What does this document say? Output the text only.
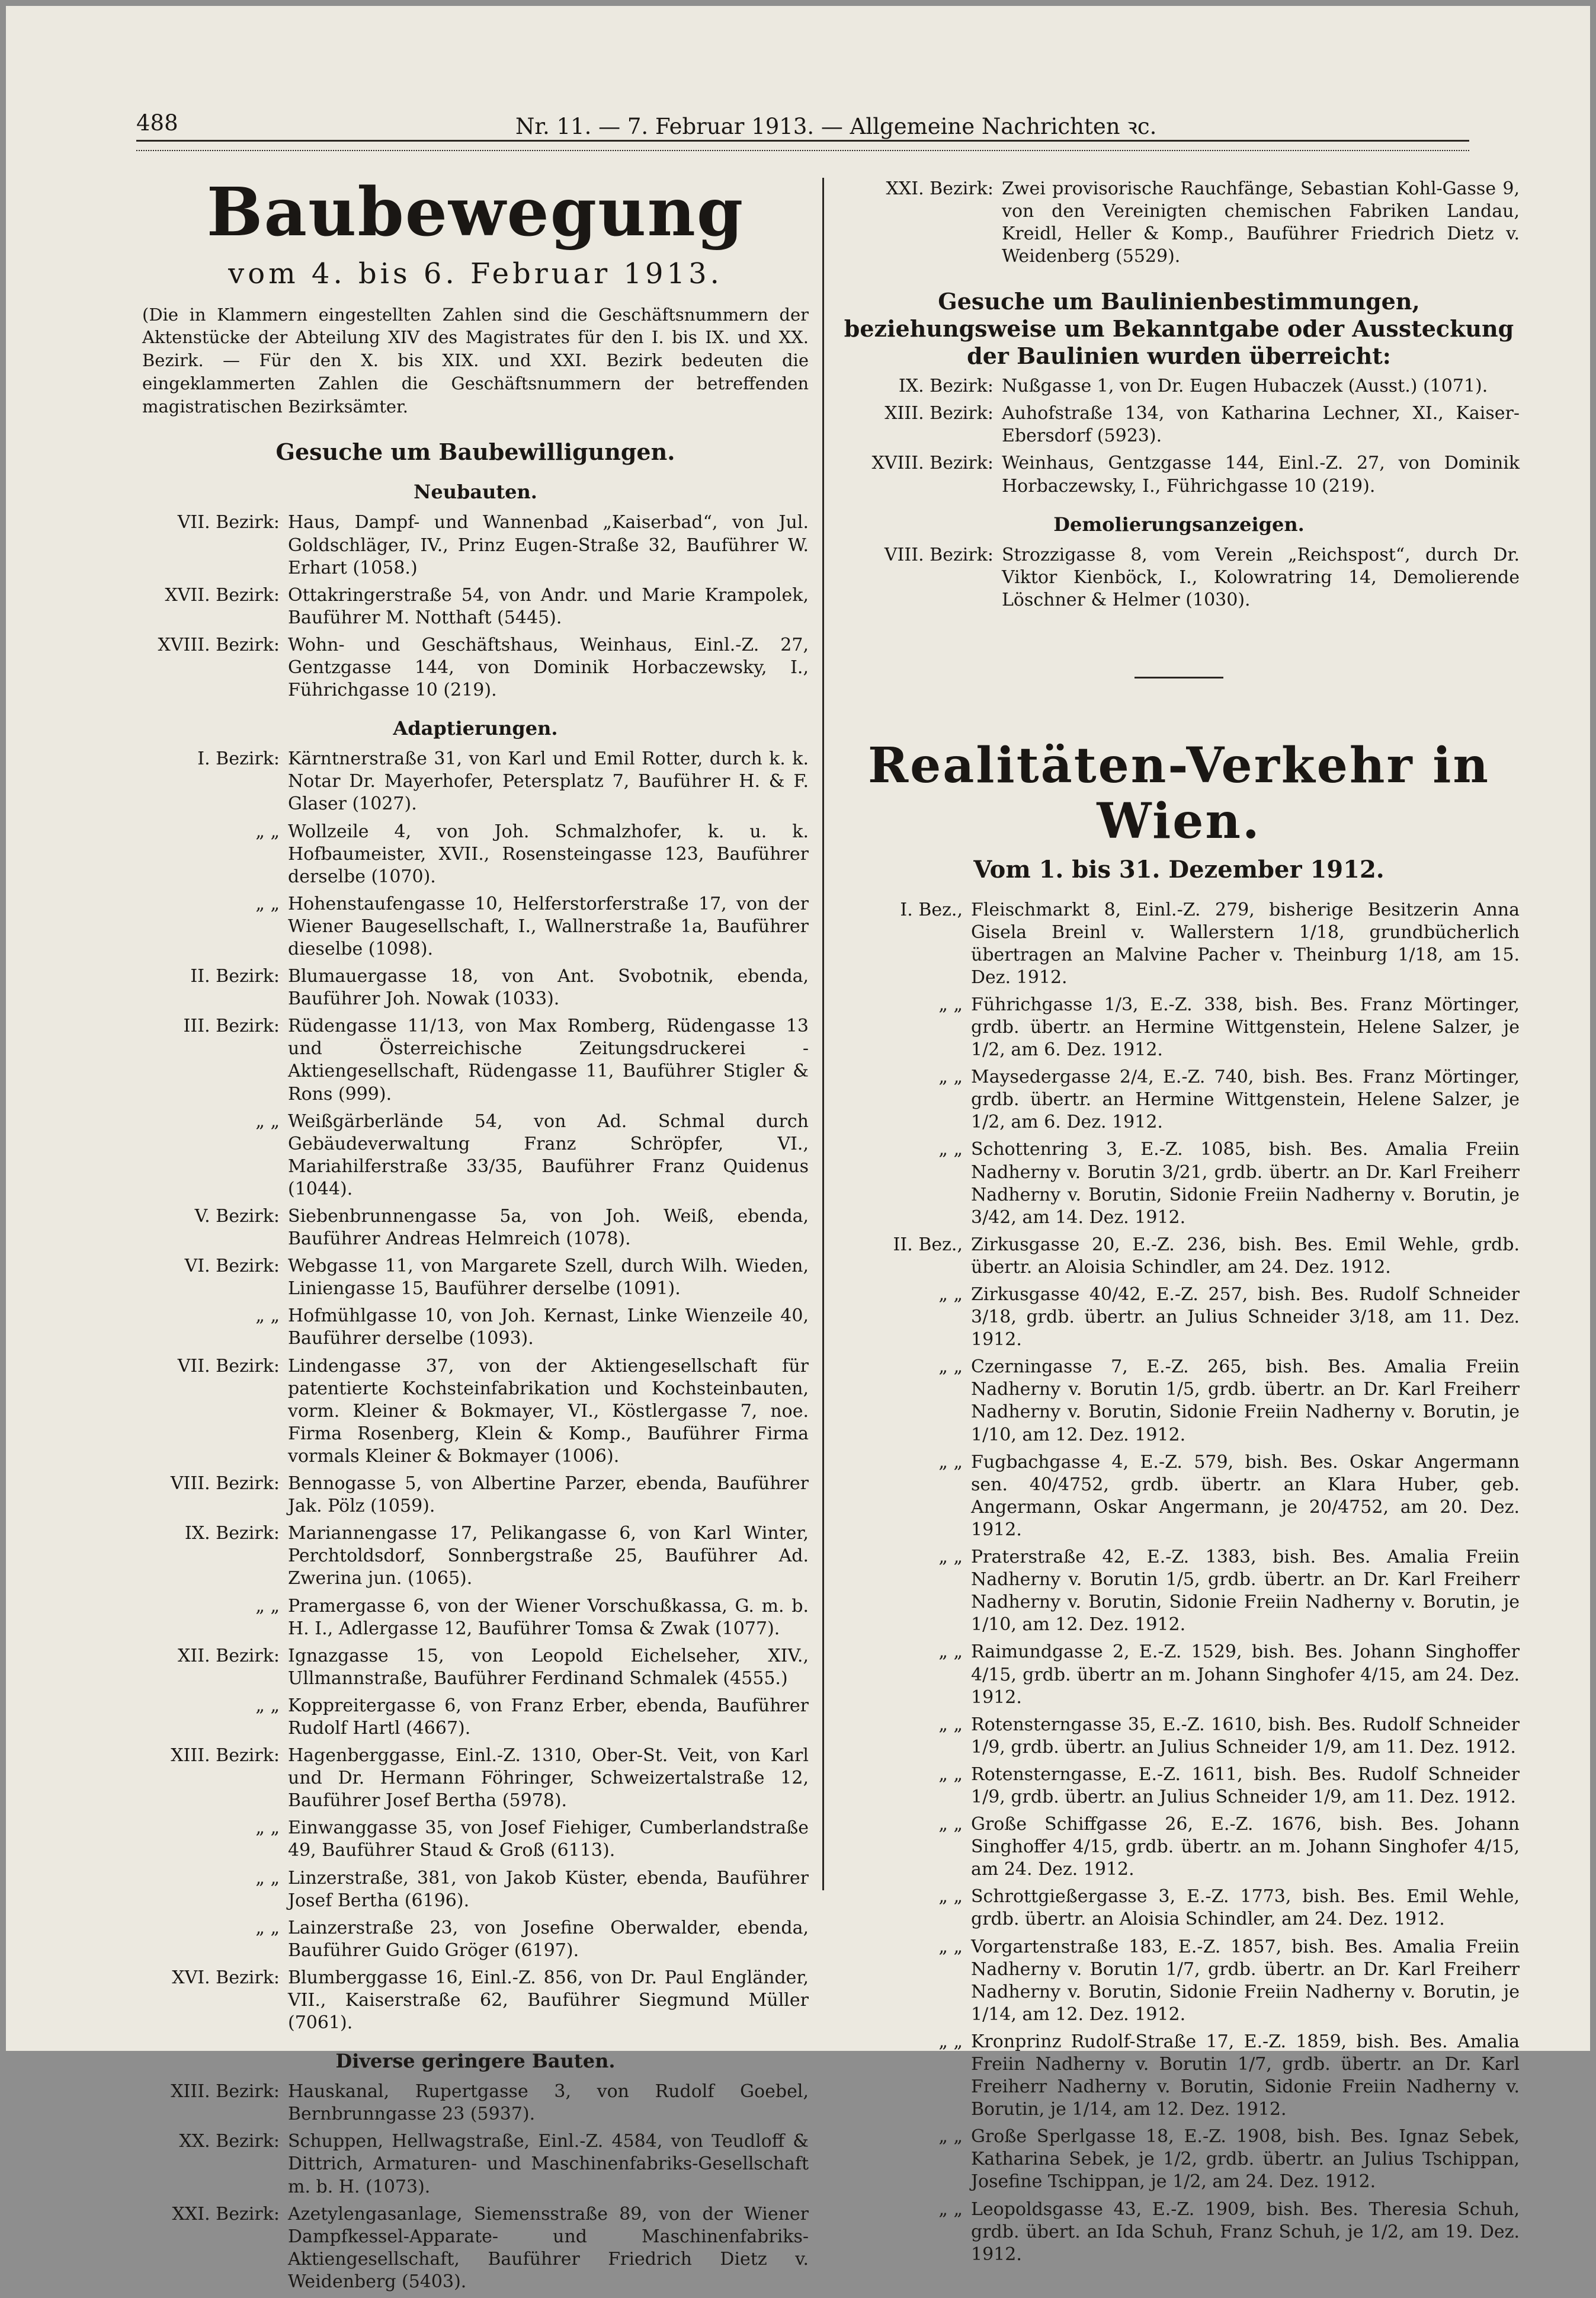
488	Nr. 11. — 7. Februar 1913. — Allgemeine Nachrichten ꝛc.
Baubewegung
vom 4. bis 6. Februar 1913.
(Die in Klammern eingestellten Zahlen sind die Geschäftsnummern der Aktenstücke der Abteilung XIV des Magistrates für den I. bis IX. und XX. Bezirk. — Für den X. bis XIX. und XXI. Bezirk bedeuten die eingeklammerten Zahlen die Geschäftsnummern der betreffenden magistratischen Bezirksämter.
Gesuche um Baubewilligungen.
Neubauten.
VII. Bezirk: Haus, Dampf- und Wannenbad „Kaiserbad“, von Jul. Goldschläger, IV., Prinz Eugen-Straße 32, Bauführer W. Erhart (1058.)
XVII. Bezirk: Ottakringerstraße 54, von Andr. und Marie Krampolek, Bauführer M. Notthaft (5445).
XVIII. Bezirk: Wohn- und Geschäftshaus, Weinhaus, Einl.-Z. 27, Gentzgasse 144, von Dominik Horbaczewsky, I., Führichgasse 10 (219).
Adaptierungen.
I. Bezirk: Kärntnerstraße 31, von Karl und Emil Rotter, durch k. k. Notar Dr. Mayerhofer, Petersplatz 7, Bauführer H. & F. Glaser (1027).
„ „ Wollzeile 4, von Joh. Schmalzhofer, k. u. k. Hofbaumeister, XVII., Rosensteingasse 123, Bauführer derselbe (1070).
„ „ Hohenstaufengasse 10, Helferstorferstraße 17, von der Wiener Baugesellschaft, I., Wallnerstraße 1a, Bauführer dieselbe (1098).
II. Bezirk: Blumauergasse 18, von Ant. Svobotnik, ebenda, Bauführer Joh. Nowak (1033).
III. Bezirk: Rüdengasse 11/13, von Max Romberg, Rüdengasse 13 und Österreichische Zeitungsdruckerei - Aktiengesellschaft, Rüdengasse 11, Bauführer Stigler & Rons (999).
„ „ Weißgärberlände 54, von Ad. Schmal durch Gebäudeverwaltung Franz Schröpfer, VI., Mariahilferstraße 33/35, Bauführer Franz Quidenus (1044).
V. Bezirk: Siebenbrunnengasse 5a, von Joh. Weiß, ebenda, Bauführer Andreas Helmreich (1078).
VI. Bezirk: Webgasse 11, von Margarete Szell, durch Wilh. Wieden, Liniengasse 15, Bauführer derselbe (1091).
„ „ Hofmühlgasse 10, von Joh. Kernast, Linke Wienzeile 40, Bauführer derselbe (1093).
VII. Bezirk: Lindengasse 37, von der Aktiengesellschaft für patentierte Kochsteinfabrikation und Kochsteinbauten, vorm. Kleiner & Bokmayer, VI., Köstlergasse 7, noe. Firma Rosenberg, Klein & Komp., Bauführer Firma vormals Kleiner & Bokmayer (1006).
VIII. Bezirk: Bennogasse 5, von Albertine Parzer, ebenda, Bauführer Jak. Pölz (1059).
IX. Bezirk: Mariannengasse 17, Pelikangasse 6, von Karl Winter, Perchtoldsdorf, Sonnbergstraße 25, Bauführer Ad. Zwerina jun. (1065).
„ „ Pramergasse 6, von der Wiener Vorschußkassa, G. m. b. H. I., Adlergasse 12, Bauführer Tomsa & Zwak (1077).
XII. Bezirk: Ignazgasse 15, von Leopold Eichelseher, XIV., Ullmannstraße, Bauführer Ferdinand Schmalek (4555.)
„ „ Koppreitergasse 6, von Franz Erber, ebenda, Bauführer Rudolf Hartl (4667).
XIII. Bezirk: Hagenberggasse, Einl.-Z. 1310, Ober-St. Veit, von Karl und Dr. Hermann Föhringer, Schweizertalstraße 12, Bauführer Josef Bertha (5978).
„ „ Einwanggasse 35, von Josef Fiehiger, Cumberlandstraße 49, Bauführer Staud & Groß (6113).
„ „ Linzerstraße, 381, von Jakob Küster, ebenda, Bauführer Josef Bertha (6196).
„ „ Lainzerstraße 23, von Josefine Oberwalder, ebenda, Bauführer Guido Gröger (6197).
XVI. Bezirk: Blumberggasse 16, Einl.-Z. 856, von Dr. Paul Engländer, VII., Kaiserstraße 62, Bauführer Siegmund Müller (7061).
Diverse geringere Bauten.
XIII. Bezirk: Hauskanal, Rupertgasse 3, von Rudolf Goebel, Bernbrunngasse 23 (5937).
XX. Bezirk: Schuppen, Hellwagstraße, Einl.-Z. 4584, von Teudloff & Dittrich, Armaturen- und Maschinenfabriks-Gesellschaft m. b. H. (1073).
XXI. Bezirk: Azetylengasanlage, Siemensstraße 89, von der Wiener Dampfkessel-Apparate- und Maschinenfabriks-Aktiengesellschaft, Bauführer Friedrich Dietz v. Weidenberg (5403).
XXI. Bezirk: Zwei provisorische Rauchfänge, Sebastian Kohl-Gasse 9, von den Vereinigten chemischen Fabriken Landau, Kreidl, Heller & Komp., Bauführer Friedrich Dietz v. Weidenberg (5529).
Gesuche um Baulinienbestimmungen, beziehungsweise um Bekanntgabe oder Aussteckung der Baulinien wurden überreicht:
IX. Bezirk: Nußgasse 1, von Dr. Eugen Hubaczek (Ausst.) (1071).
XIII. Bezirk: Auhofstraße 134, von Katharina Lechner, XI., Kaiser-Ebersdorf (5923).
XVIII. Bezirk: Weinhaus, Gentzgasse 144, Einl.-Z. 27, von Dominik Horbaczewsky, I., Führichgasse 10 (219).
Demolierungsanzeigen.
VIII. Bezirk: Strozzigasse 8, vom Verein „Reichspost“, durch Dr. Viktor Kienböck, I., Kolowratring 14, Demolierende Löschner & Helmer (1030).
Realitäten-Verkehr in Wien.
Vom 1. bis 31. Dezember 1912.
I. Bez., Fleischmarkt 8, Einl.-Z. 279, bisherige Besitzerin Anna Gisela Breinl v. Wallerstern 1/18, grundbücherlich übertragen an Malvine Pacher v. Theinburg 1/18, am 15. Dez. 1912.
„ „ Führichgasse 1/3, E.-Z. 338, bish. Bes. Franz Mörtinger, grdb. übertr. an Hermine Wittgenstein, Helene Salzer, je 1/2, am 6. Dez. 1912.
„ „ Maysedergasse 2/4, E.-Z. 740, bish. Bes. Franz Mörtinger, grdb. übertr. an Hermine Wittgenstein, Helene Salzer, je 1/2, am 6. Dez. 1912.
„ „ Schottenring 3, E.-Z. 1085, bish. Bes. Amalia Freiin Nadherny v. Borutin 3/21, grdb. übertr. an Dr. Karl Freiherr Nadherny v. Borutin, Sidonie Freiin Nadherny v. Borutin, je 3/42, am 14. Dez. 1912.
II. Bez., Zirkusgasse 20, E.-Z. 236, bish. Bes. Emil Wehle, grdb. übertr. an Aloisia Schindler, am 24. Dez. 1912.
„ „ Zirkusgasse 40/42, E.-Z. 257, bish. Bes. Rudolf Schneider 3/18, grdb. übertr. an Julius Schneider 3/18, am 11. Dez. 1912.
„ „ Czerningasse 7, E.-Z. 265, bish. Bes. Amalia Freiin Nadherny v. Borutin 1/5, grdb. übertr. an Dr. Karl Freiherr Nadherny v. Borutin, Sidonie Freiin Nadherny v. Borutin, je 1/10, am 12. Dez. 1912.
„ „ Fugbachgasse 4, E.-Z. 579, bish. Bes. Oskar Angermann sen. 40/4752, grdb. übertr. an Klara Huber, geb. Angermann, Oskar Angermann, je 20/4752, am 20. Dez. 1912.
„ „ Praterstraße 42, E.-Z. 1383, bish. Bes. Amalia Freiin Nadherny v. Borutin 1/5, grdb. übertr. an Dr. Karl Freiherr Nadherny v. Borutin, Sidonie Freiin Nadherny v. Borutin, je 1/10, am 12. Dez. 1912.
„ „ Raimundgasse 2, E.-Z. 1529, bish. Bes. Johann Singhoffer 4/15, grdb. übertr an m. Johann Singhofer 4/15, am 24. Dez. 1912.
„ „ Rotensterngasse 35, E.-Z. 1610, bish. Bes. Rudolf Schneider 1/9, grdb. übertr. an Julius Schneider 1/9, am 11. Dez. 1912.
„ „ Rotensterngasse, E.-Z. 1611, bish. Bes. Rudolf Schneider 1/9, grdb. übertr. an Julius Schneider 1/9, am 11. Dez. 1912.
„ „ Große Schiffgasse 26, E.-Z. 1676, bish. Bes. Johann Singhoffer 4/15, grdb. übertr. an m. Johann Singhofer 4/15, am 24. Dez. 1912.
„ „ Schrottgießergasse 3, E.-Z. 1773, bish. Bes. Emil Wehle, grdb. übertr. an Aloisia Schindler, am 24. Dez. 1912.
„ „ Vorgartenstraße 183, E.-Z. 1857, bish. Bes. Amalia Freiin Nadherny v. Borutin 1/7, grdb. übertr. an Dr. Karl Freiherr Nadherny v. Borutin, Sidonie Freiin Nadherny v. Borutin, je 1/14, am 12. Dez. 1912.
„ „ Kronprinz Rudolf-Straße 17, E.-Z. 1859, bish. Bes. Amalia Freiin Nadherny v. Borutin 1/7, grdb. übertr. an Dr. Karl Freiherr Nadherny v. Borutin, Sidonie Freiin Nadherny v. Borutin, je 1/14, am 12. Dez. 1912.
„ „ Große Sperlgasse 18, E.-Z. 1908, bish. Bes. Ignaz Sebek, Katharina Sebek, je 1/2, grdb. übertr. an Julius Tschippan, Josefine Tschippan, je 1/2, am 24. Dez. 1912.
„ „ Leopoldsgasse 43, E.-Z. 1909, bish. Bes. Theresia Schuh, grdb. übert. an Ida Schuh, Franz Schuh, je 1/2, am 19. Dez. 1912.
